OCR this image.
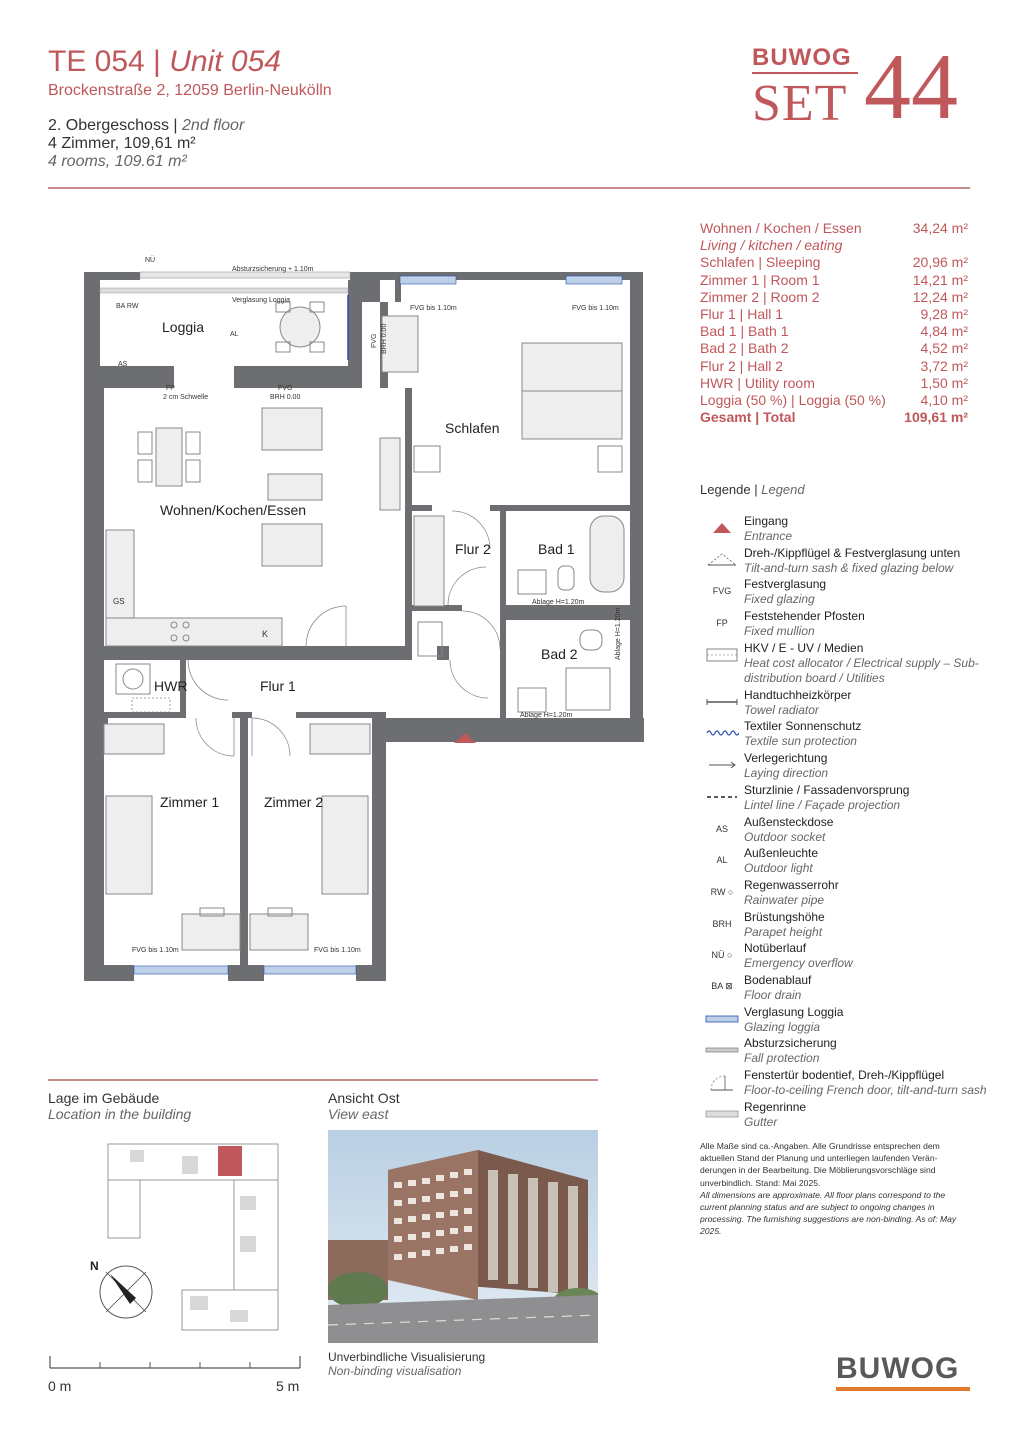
TE 054 | Unit 054
Brockenstraße 2, 12059 Berlin-Neukölln
2. Obergeschoss | 2nd floor
4 Zimmer, 109,61 m²
4 rooms, 109.61 m²
BUWOG
SET 44
Wohnen / Kochen / Essen	34,24 m²
Living / kitchen / eating
Schlafen | Sleeping	20,96 m²
Zimmer 1 | Room 1	14,21 m²
Zimmer 2 | Room 2	12,24 m²
Flur 1 | Hall 1	9,28 m²
Bad 1 | Bath 1	4,84 m²
Bad 2 | Bath 2	4,52 m²
Flur 2 | Hall 2	3,72 m²
HWR | Utility room	1,50 m²
Loggia (50 %) | Loggia (50 %) 4,10 m²
Gesamt | Total	109,61 m²
Legende | Legend
Eingang
Entrance
Dreh-/Kippflügel & Festverglasung unten
Tilt-and-turn sash & fixed glazing below
FVG	Festverglasung
Fixed glazing
FP	Feststehender Pfosten
Fixed mullion
HKV / E - UV / Medien
Heat cost allocator / Electrical supply – Sub-distribution board / Utilities
Handtuchheizkörper
Towel radiator
Textiler Sonnenschutz
Textile sun protection
Verlegerichtung
Laying direction
Sturzlinie / Fassadenvorsprung
Lintel line / Façade projection
AS	Außensteckdose
Outdoor socket
AL	Außenleuchte
Outdoor light
RW ○ Regenwasserrohr
Rainwater pipe
BRH	Brüstungshöhe
Parapet height
NÜ ○ Notüberlauf
Emergency overflow
BA ⊠ Bodenablauf
Floor drain
Verglasung Loggia
Glazing loggia
Absturzsicherung
Fall protection
Fenstertür bodentief, Dreh-/Kippflügel
Floor-to-ceiling French door, tilt-and-turn sash
Regenrinne
Gutter
Alle Maße sind ca.-Angaben. Alle Grundrisse entsprechen dem aktuellen Stand der Planung und unterliegen laufenden Verän-derungen in der Bearbeitung. Die Möblierungsvorschläge sind unverbindlich. Stand: Mai 2025.
All dimensions are approximate. All floor plans correspond to the current planning status and are subject to ongoing changes in processing. The furnishing suggestions are non-binding. As of: May 2025.
Loggia
Wohnen/Kochen/Essen
Schlafen
Flur 2	Bad 1
Bad 2
HWR	Flur 1
Zimmer 1	Zimmer 2
NÜ
Absturzsicherung + 1.10m
Verglasung Loggia
AL
AS
BA RW
2 cm Schwelle
FP	FVG
BRH 0.00
FVG BRH 0.00
FVG bis 1.10m	FVG bis 1.10m
Ablage H=1.20m
Ablage H=1.20m
Ablage H=1.20m
FVG bis 1.10m	FVG bis 1.10m
K
GS
Lage im Gebäude
Location in the building
N
Ansicht Ost
View east
Unverbindliche Visualisierung
Non-binding visualisation
0 m	5 m
BUWOG
